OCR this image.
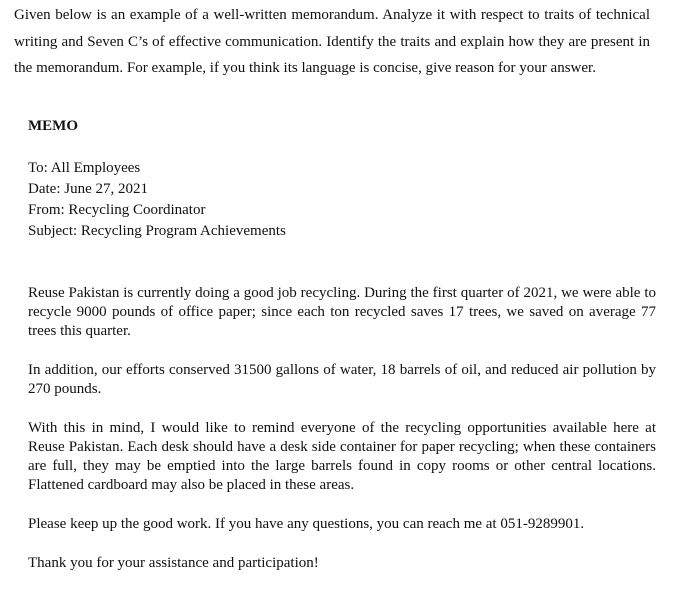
Given below is an example of a well-written memorandum. Analyze it with respect to traits of technical writing and Seven C’s of effective communication. Identify the traits and explain how they are present in the memorandum. For example, if you think its language is concise, give reason for your answer.
MEMO
To: All Employees
Date: June 27, 2021
From: Recycling Coordinator
Subject: Recycling Program Achievements

Reuse Pakistan is currently doing a good job recycling. During the first quarter of 2021, we were able to recycle 9000 pounds of office paper; since each ton recycled saves 17 trees, we saved on average 77 trees this quarter.

In addition, our efforts conserved 31500 gallons of water, 18 barrels of oil, and reduced air pollution by 270 pounds.

With this in mind, I would like to remind everyone of the recycling opportunities available here at Reuse Pakistan. Each desk should have a desk side container for paper recycling; when these containers are full, they may be emptied into the large barrels found in copy rooms or other central locations. Flattened cardboard may also be placed in these areas.

Please keep up the good work. If you have any questions, you can reach me at 051-9289901.

Thank you for your assistance and participation!
